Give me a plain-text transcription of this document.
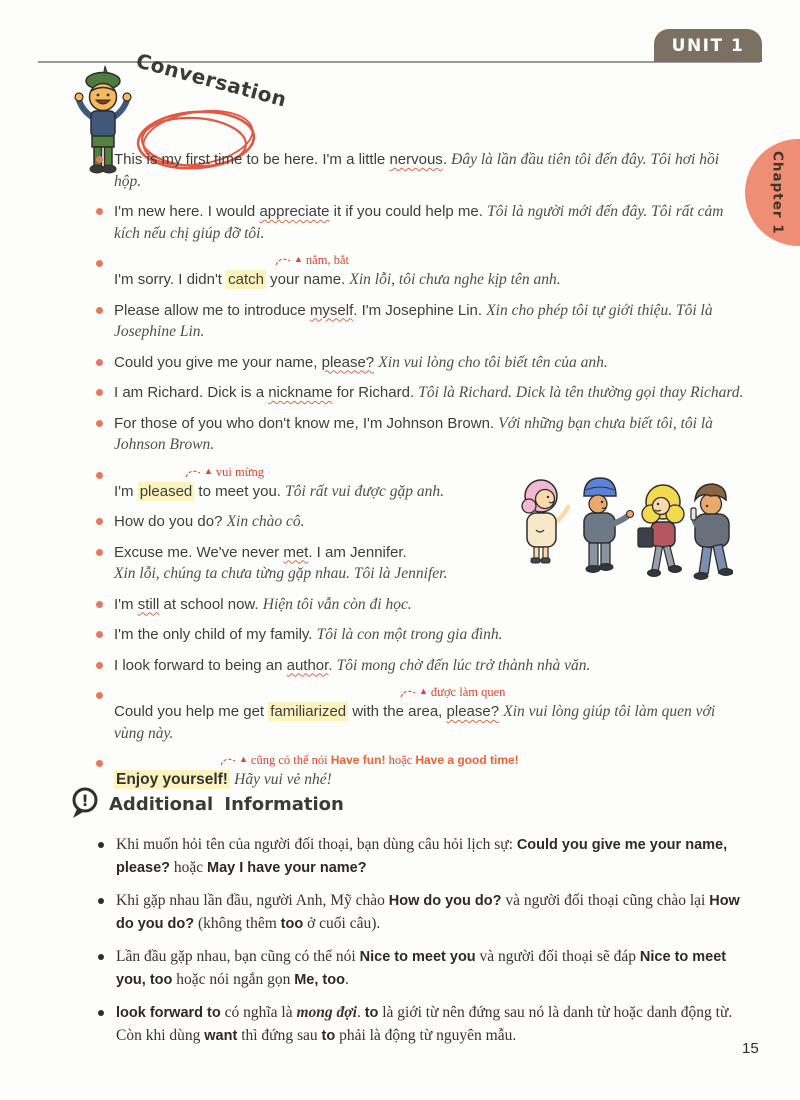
UNIT 1
Chapter 1
Conversation
This is my first time to be here. I'm a little nervous. Đây là lần đầu tiên tôi đến đây. Tôi hơi hồi hộp.
I'm new here. I would appreciate it if you could help me. Tôi là người mới đến đây. Tôi rất cảm kích nếu chị giúp đỡ tôi.
▲ nắm, bắt
I'm sorry. I didn't catch your name. Xin lỗi, tôi chưa nghe kịp tên anh.
Please allow me to introduce myself. I'm Josephine Lin. Xin cho phép tôi tự giới thiệu. Tôi là Josephine Lin.
Could you give me your name, please? Xin vui lòng cho tôi biết tên của anh.
I am Richard. Dick is a nickname for Richard. Tôi là Richard. Dick là tên thường gọi thay Richard.
For those of you who don't know me, I'm Johnson Brown. Với những bạn chưa biết tôi, tôi là Johnson Brown.
▲ vui mừng
I'm pleased to meet you. Tôi rất vui được gặp anh.
How do you do? Xin chào cô.
Excuse me. We've never met. I am Jennifer.
Xin lỗi, chúng ta chưa từng gặp nhau. Tôi là Jennifer.
I'm still at school now. Hiện tôi vẫn còn đi học.
I'm the only child of my family. Tôi là con một trong gia đình.
I look forward to being an author. Tôi mong chờ đến lúc trở thành nhà văn.
▲ được làm quen
Could you help me get familiarized with the area, please? Xin vui lòng giúp tôi làm quen với vùng này.
▲ cũng có thể nói Have fun! hoặc Have a good time!
Enjoy yourself! Hãy vui vẻ nhé!
! Additional Information
Khi muốn hỏi tên của người đối thoại, bạn dùng câu hỏi lịch sự: Could you give me your name, please? hoặc May I have your name?
Khi gặp nhau lần đầu, người Anh, Mỹ chào How do you do? và người đối thoại cũng chào lại How do you do? (không thêm too ở cuối câu).
Lần đầu gặp nhau, bạn cũng có thể nói Nice to meet you và người đối thoại sẽ đáp Nice to meet you, too hoặc nói ngắn gọn Me, too.
look forward to có nghĩa là mong đợi. to là giới từ nên đứng sau nó là danh từ hoặc danh động từ. Còn khi dùng want thì đứng sau to phải là động từ nguyên mẫu.
15
